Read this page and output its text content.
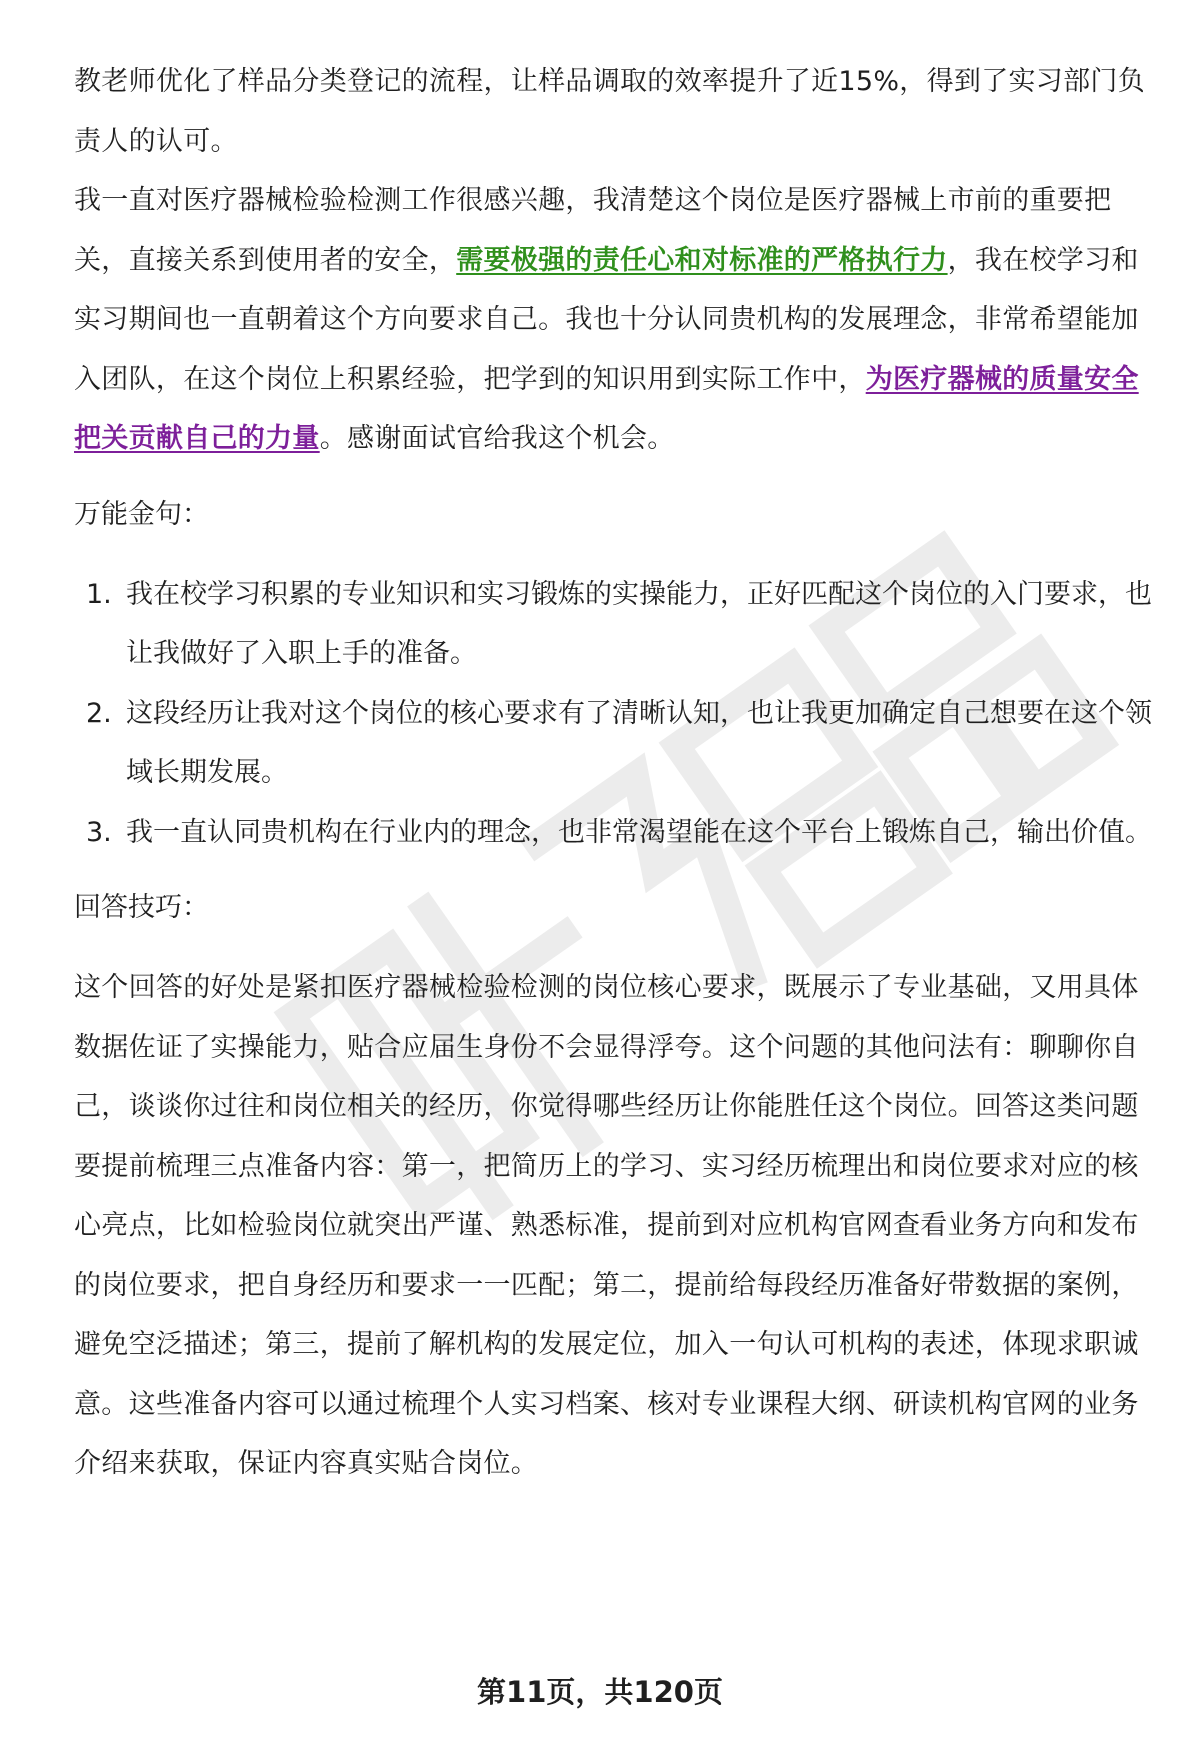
教老师优化了样品分类登记的流程，让样品调取的效率提升了近15%，得到了实习部门负责人的认可。

我一直对医疗器械检验检测工作很感兴趣，我清楚这个岗位是医疗器械上市前的重要把关，直接关系到使用者的安全，需要极强的责任心和对标准的严格执行力，我在校学习和实习期间也一直朝着这个方向要求自己。我也十分认同贵机构的发展理念，非常希望能加入团队，在这个岗位上积累经验，把学到的知识用到实际工作中，为医疗器械的质量安全把关贡献自己的力量。感谢面试官给我这个机会。

万能金句：

1. 我在校学习积累的专业知识和实习锻炼的实操能力，正好匹配这个岗位的入门要求，也让我做好了入职上手的准备。
2. 这段经历让我对这个岗位的核心要求有了清晰认知，也让我更加确定自己想要在这个领域长期发展。
3. 我一直认同贵机构在行业内的理念，也非常渴望能在这个平台上锻炼自己，输出价值。

回答技巧：

这个回答的好处是紧扣医疗器械检验检测的岗位核心要求，既展示了专业基础，又用具体数据佐证了实操能力，贴合应届生身份不会显得浮夸。这个问题的其他问法有：聊聊你自己，谈谈你过往和岗位相关的经历，你觉得哪些经历让你能胜任这个岗位。回答这类问题要提前梳理三点准备内容：第一，把简历上的学习、实习经历梳理出和岗位要求对应的核心亮点，比如检验岗位就突出严谨、熟悉标准，提前到对应机构官网查看业务方向和发布的岗位要求，把自身经历和要求一一匹配；第二，提前给每段经历准备好带数据的案例，避免空泛描述；第三，提前了解机构的发展定位，加入一句认可机构的表述，体现求职诚意。这些准备内容可以通过梳理个人实习档案、核对专业课程大纲、研读机构官网的业务介绍来获取，保证内容真实贴合岗位。

第11页，共120页
